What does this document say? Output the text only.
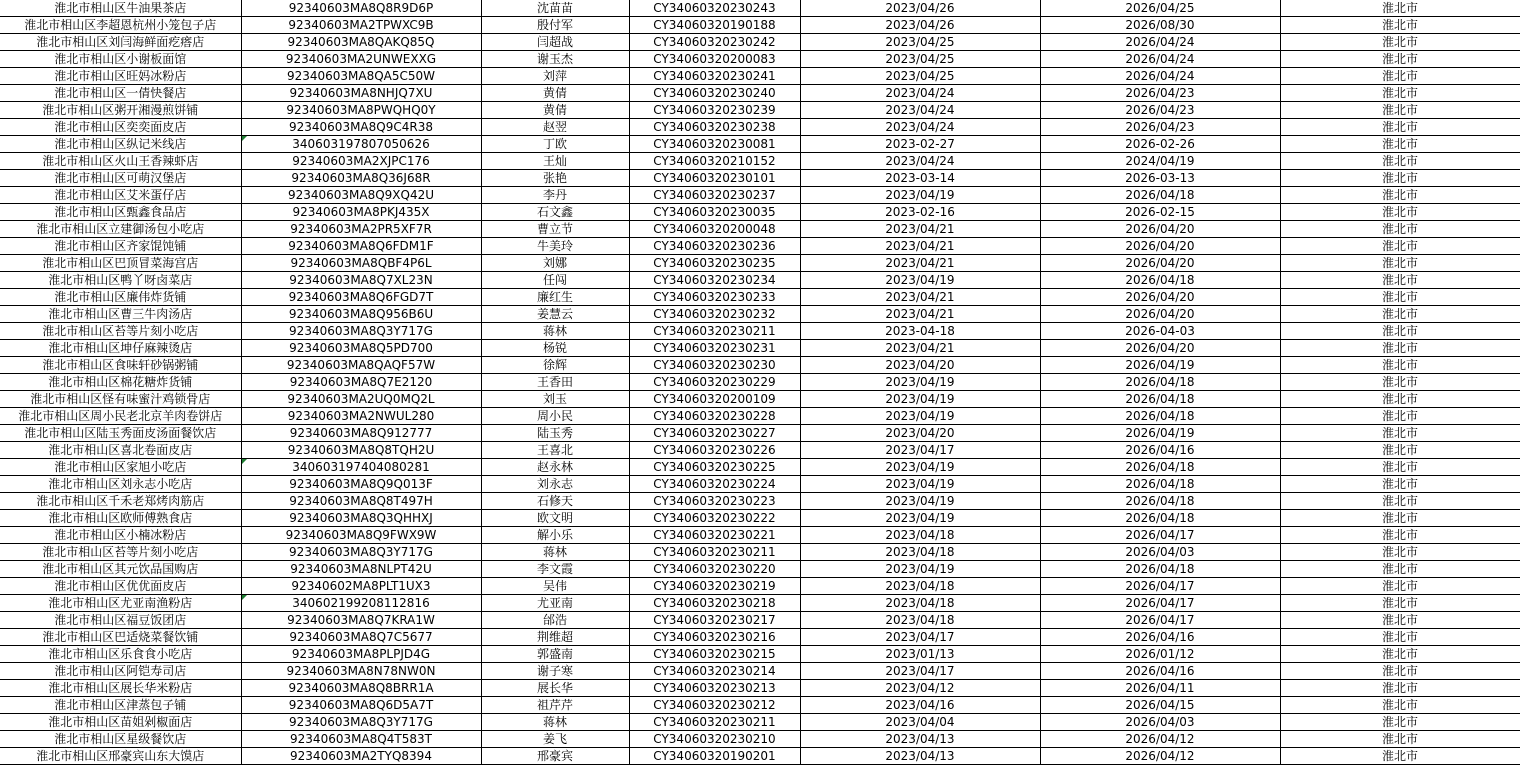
淮北市相山区牛油果茶店	92340603MA8Q8R9D6P	沈苗苗	CY34060320230243	2023/04/26	2026/04/25	淮北市
淮北市相山区李超恩杭州小笼包子店	92340603MA2TPWXC9B	殷付军	CY34060320190188	2023/04/26	2026/08/30	淮北市
淮北市相山区刘闫海鲜面疙瘩店	92340603MA8QAKQ85Q	闫超战	CY34060320230242	2023/04/25	2026/04/24	淮北市
淮北市相山区小谢板面馆	92340603MA2UNWEXXG	谢玉杰	CY34060320200083	2023/04/25	2026/04/24	淮北市
淮北市相山区旺妈冰粉店	92340603MA8QA5C50W	刘萍	CY34060320230241	2023/04/25	2026/04/24	淮北市
淮北市相山区一倩快餐店	92340603MA8NHJQ7XU	黄倩	CY34060320230240	2023/04/24	2026/04/23	淮北市
淮北市相山区粥开湘漫煎饼铺	92340603MA8PWQHQ0Y	黄倩	CY34060320230239	2023/04/24	2026/04/23	淮北市
淮北市相山区奕奕面皮店	92340603MA8Q9C4R38	赵翌	CY34060320230238	2023/04/24	2026/04/23	淮北市
淮北市相山区纵记米线店	340603197807050626	丁欧	CY34060320230081	2023-02-27	2026-02-26	淮北市
淮北市相山区火山王香辣虾店	92340603MA2XJPC176	王灿	CY34060320210152	2023/04/24	2024/04/19	淮北市
淮北市相山区可萌汉堡店	92340603MA8Q36J68R	张艳	CY34060320230101	2023-03-14	2026-03-13	淮北市
淮北市相山区艾米蛋仔店	92340603MA8Q9XQ42U	李丹	CY34060320230237	2023/04/19	2026/04/18	淮北市
淮北市相山区甄鑫食品店	92340603MA8PKJ435X	石文鑫	CY34060320230035	2023-02-16	2026-02-15	淮北市
淮北市相山区立建御汤包小吃店	92340603MA2PR5XF7R	曹立节	CY34060320200048	2023/04/21	2026/04/20	淮北市
淮北市相山区齐家馄饨铺	92340603MA8Q6FDM1F	牛美玲	CY34060320230236	2023/04/21	2026/04/20	淮北市
淮北市相山区巴顶冒菜海宫店	92340603MA8QBF4P6L	刘娜	CY34060320230235	2023/04/21	2026/04/20	淮北市
淮北市相山区鸭丫呀卤菜店	92340603MA8Q7XL23N	任闯	CY34060320230234	2023/04/19	2026/04/18	淮北市
淮北市相山区廉伟炸货铺	92340603MA8Q6FGD7T	廉红生	CY34060320230233	2023/04/21	2026/04/20	淮北市
淮北市相山区曹三牛肉汤店	92340603MA8Q956B6U	姜慧云	CY34060320230232	2023/04/21	2026/04/20	淮北市
淮北市相山区苔等片刻小吃店	92340603MA8Q3Y717G	蒋林	CY34060320230211	2023-04-18	2026-04-03	淮北市
淮北市相山区坤仔麻辣烫店	92340603MA8Q5PD700	杨锐	CY34060320230231	2023/04/21	2026/04/20	淮北市
淮北市相山区食味轩砂锅粥铺	92340603MA8QAQF57W	徐辉	CY34060320230230	2023/04/20	2026/04/19	淮北市
淮北市相山区棉花糖炸货铺	92340603MA8Q7E2120	王香田	CY34060320230229	2023/04/19	2026/04/18	淮北市
淮北市相山区怪有味蜜汁鸡锁骨店	92340603MA2UQ0MQ2L	刘玉	CY34060320200109	2023/04/19	2026/04/18	淮北市
淮北市相山区周小民老北京羊肉卷饼店	92340603MA2NWUL280	周小民	CY34060320230228	2023/04/19	2026/04/18	淮北市
淮北市相山区陆玉秀面皮汤面餐饮店	92340603MA8Q912777	陆玉秀	CY34060320230227	2023/04/20	2026/04/19	淮北市
淮北市相山区喜北卷面皮店	92340603MA8Q8TQH2U	王喜北	CY34060320230226	2023/04/17	2026/04/16	淮北市
淮北市相山区家旭小吃店	340603197404080281	赵永林	CY34060320230225	2023/04/19	2026/04/18	淮北市
淮北市相山区刘永志小吃店	92340603MA8Q9Q013F	刘永志	CY34060320230224	2023/04/19	2026/04/18	淮北市
淮北市相山区千禾老郑烤肉筋店	92340603MA8Q8T497H	石修天	CY34060320230223	2023/04/19	2026/04/18	淮北市
淮北市相山区欧师傅熟食店	92340603MA8Q3QHHXJ	欧文明	CY34060320230222	2023/04/19	2026/04/18	淮北市
淮北市相山区小楠冰粉店	92340603MA8Q9FWX9W	解小乐	CY34060320230221	2023/04/18	2026/04/17	淮北市
淮北市相山区苔等片刻小吃店	92340603MA8Q3Y717G	蒋林	CY34060320230211	2023/04/18	2026/04/03	淮北市
淮北市相山区其元饮品国购店	92340603MA8NLPT42U	李文霞	CY34060320230220	2023/04/19	2026/04/18	淮北市
淮北市相山区优优面皮店	92340602MA8PLT1UX3	吴伟	CY34060320230219	2023/04/18	2026/04/17	淮北市
淮北市相山区尤亚南渔粉店	340602199208112816	尤亚南	CY34060320230218	2023/04/18	2026/04/17	淮北市
淮北市相山区福豆饭团店	92340603MA8Q7KRA1W	邰浩	CY34060320230217	2023/04/18	2026/04/17	淮北市
淮北市相山区巴适烧菜餐饮铺	92340603MA8Q7C5677	荆维超	CY34060320230216	2023/04/17	2026/04/16	淮北市
淮北市相山区乐食食小吃店	92340603MA8PLPJD4G	郭盛南	CY34060320230215	2023/01/13	2026/01/12	淮北市
淮北市相山区阿铠寿司店	92340603MA8N78NW0N	谢子寒	CY34060320230214	2023/04/17	2026/04/16	淮北市
淮北市相山区展长华米粉店	92340603MA8Q8BRR1A	展长华	CY34060320230213	2023/04/12	2026/04/11	淮北市
淮北市相山区津蒸包子铺	92340603MA8Q6D5A7T	祖芹芹	CY34060320230212	2023/04/16	2026/04/15	淮北市
淮北市相山区苗姐剁椒面店	92340603MA8Q3Y717G	蒋林	CY34060320230211	2023/04/04	2026/04/03	淮北市
淮北市相山区星级餐饮店	92340603MA8Q4T583T	姜飞	CY34060320230210	2023/04/13	2026/04/12	淮北市
淮北市相山区邢豪宾山东大馍店	92340603MA2TYQ8394	邢豪宾	CY34060320190201	2023/04/13	2026/04/12	淮北市
